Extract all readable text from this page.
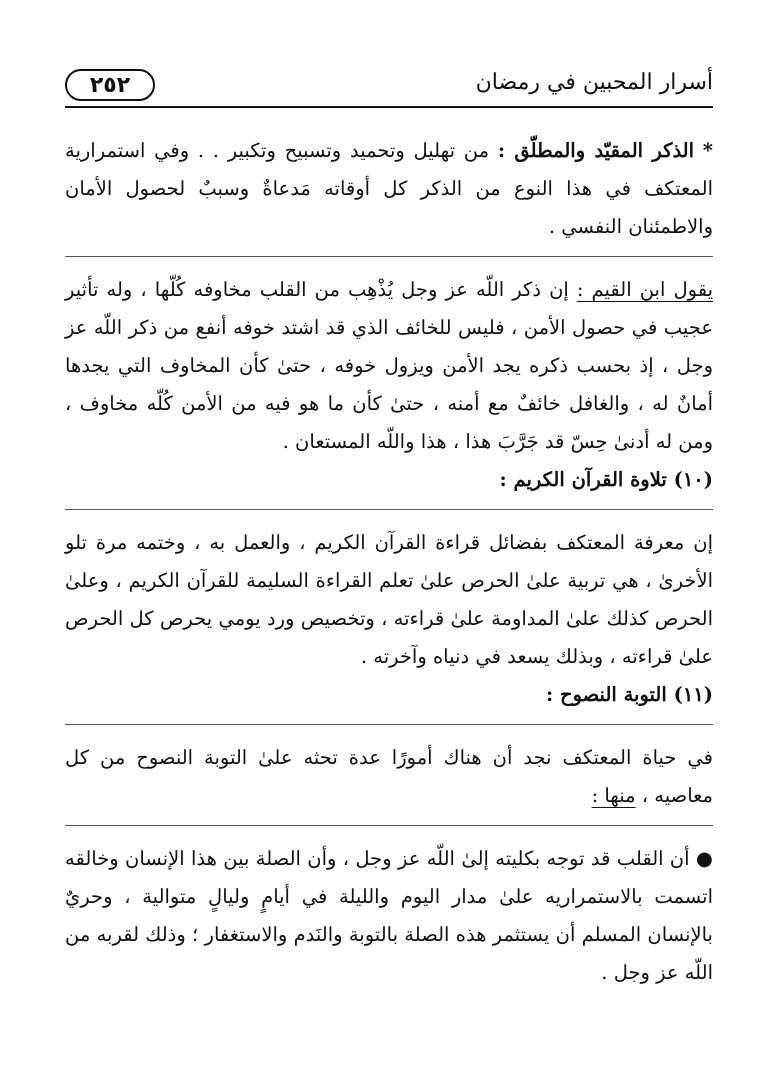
٢٥٢	أسرار المحبين في رمضان

* الذكر المقيّد والمطلّق : من تهليل وتحميد وتسبيح وتكبير . . وفي استمرارية المعتكف في هذا النوع من الذكر كل أوقاته مَدعاةٌ وسببٌ لحصول الأمان والاطمئنان النفسي .

يقول ابن القيم : إن ذكر اللّه عز وجل يُذْهِب من القلب مخاوفه كُلّها ، وله تأثير عجيب في حصول الأمن ، فليس للخائف الذي قد اشتد خوفه أنفع من ذكر اللّه عز وجل ، إذ بحسب ذكره يجد الأمن ويزول خوفه ، حتىٰ كأن المخاوف التي يجدها أمانٌ له ، والغافل خائفٌ مع أمنه ، حتىٰ كأن ما هو فيه من الأمن كُلّه مخاوف ، ومن له أدنىٰ حِسّ قد جَرَّبَ هذا ، هذا واللّه المستعان .

(١٠) تلاوة القرآن الكريم :

إن معرفة المعتكف بفضائل قراءة القرآن الكريم ، والعمل به ، وختمه مرة تلو الأخرىٰ ، هي تربية علىٰ الحرص علىٰ تعلم القراءة السليمة للقرآن الكريم ، وعلىٰ الحرص كذلك علىٰ المداومة علىٰ قراءته ، وتخصيص ورد يومي يحرص كل الحرص علىٰ قراءته ، وبذلك يسعد في دنياه وآخرته .

(١١) التوبة النصوح :

في حياة المعتكف نجد أن هناك أمورًا عدة تحثه علىٰ التوبة النصوح من كل معاصيه ، منها :

● أن القلب قد توجه بكليته إلىٰ اللّه عز وجل ، وأن الصلة بين هذا الإنسان وخالقه اتسمت بالاستمراريه علىٰ مدار اليوم والليلة في أيامٍ وليالٍ متوالية ، وحريٌ بالإنسان المسلم أن يستثمر هذه الصلة بالتوبة والنَدم والاستغفار ؛ وذلك لقربه من اللّه عز وجل .
